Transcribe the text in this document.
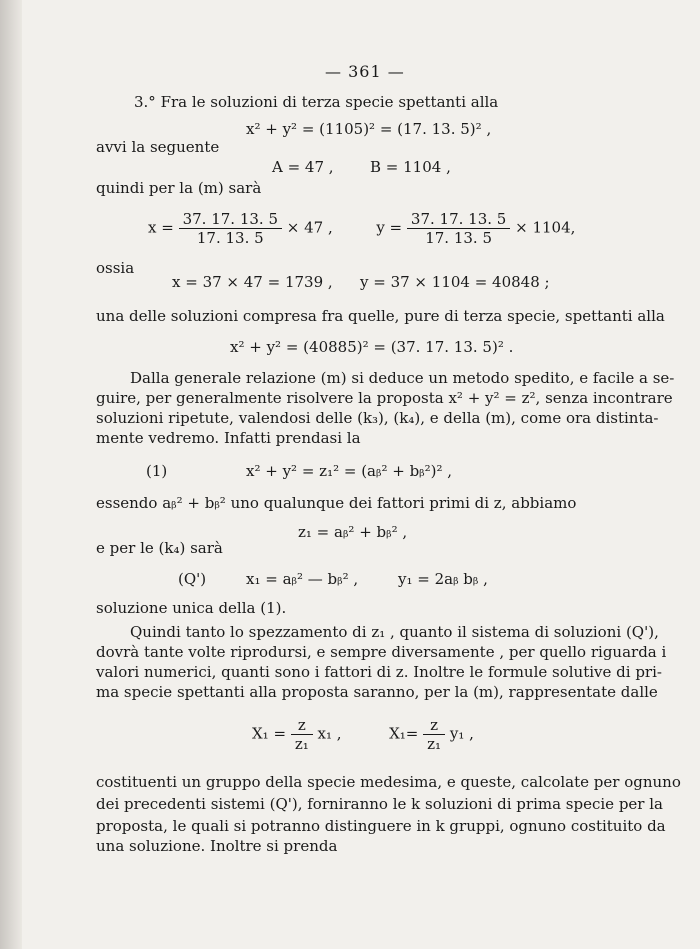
— 361 —
3.° Fra le soluzioni di terza specie spettanti alla
x² + y² = (1105)² = (17. 13. 5)² ,
avvi la seguente
A = 47 , B = 1104 ,
quindi per la (m) sarà
$x = \frac{37. 17. 13. 5}{17. 13. 5} \times 47$ ,	$y = \frac{37. 17. 13. 5}{17. 13. 5} \times 1104$,
ossia
x = 37 × 47 = 1739 , y = 37 × 1104 = 40848 ;
una delle soluzioni compresa fra quelle, pure di terza specie, spettanti alla
x² + y² = (40885)² = (37. 17. 13. 5)² .
Dalla generale relazione (m) si deduce un metodo spedito, e facile a se-
guire, per generalmente risolvere la proposta x² + y² = z², senza incontrare
soluzioni ripetute, valendosi delle (k₃), (k₄), e della (m), come ora distinta-
mente vedremo. Infatti prendasi la
(1)	x² + y² = z₁² = (aᵦ² + bᵦ²)² ,
essendo aᵦ² + bᵦ² uno qualunque dei fattori primi di z, abbiamo
z₁ = aᵦ² + bᵦ² ,
e per le (k₄) sarà
(Q')	x₁ = aᵦ² — bᵦ² ,	y₁ = 2aᵦ bᵦ ,
soluzione unica della (1).
Quindi tanto lo spezzamento di z₁ , quanto il sistema di soluzioni (Q'),
dovrà tante volte riprodursi, e sempre diversamente , per quello riguarda i
valori numerici, quanti sono i fattori di z. Inoltre le formule solutive di pri-
ma specie spettanti alla proposta saranno, per la (m), rappresentate dalle
$X_1 = \frac{z}{\text{z₁}} x_1$ ,	$X_1= \frac{z}{\text{z₁}} y_1$ ,
costituenti un gruppo della specie medesima, e queste, calcolate per ognuno
dei precedenti sistemi (Q'), forniranno le k soluzioni di prima specie per la
proposta, le quali si potranno distinguere in k gruppi, ognuno costituito da
una soluzione. Inoltre si prenda
